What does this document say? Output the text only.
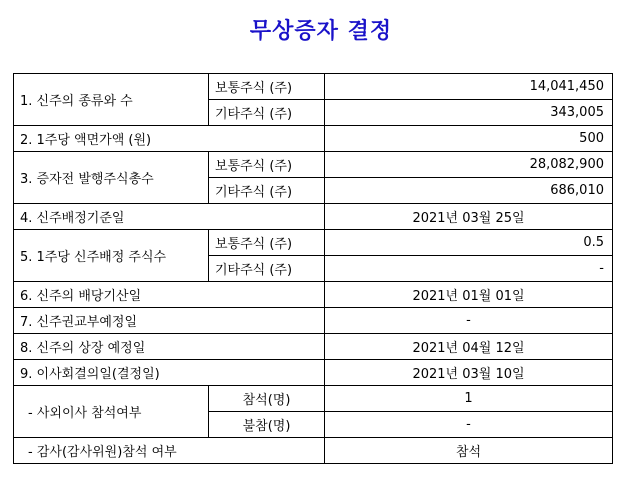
무상증자 결정
1. 신주의 종류와 수	보통주식 (주)	14,041,450
	기타주식 (주)	343,005
2. 1주당 액면가액 (원)		500
3. 증자전 발행주식총수	보통주식 (주)	28,082,900
	기타주식 (주)	686,010
4. 신주배정기준일		2021년 03월 25일
5. 1주당 신주배정 주식수	보통주식 (주)	0.5
	기타주식 (주)	-
6. 신주의 배당기산일		2021년 01월 01일
7. 신주권교부예정일		-
8. 신주의 상장 예정일		2021년 04월 12일
9. 이사회결의일(결정일)		2021년 03월 10일
- 사외이사 참석여부	참석(명)	1
	불참(명)	-
- 감사(감사위원)참석 여부		참석
